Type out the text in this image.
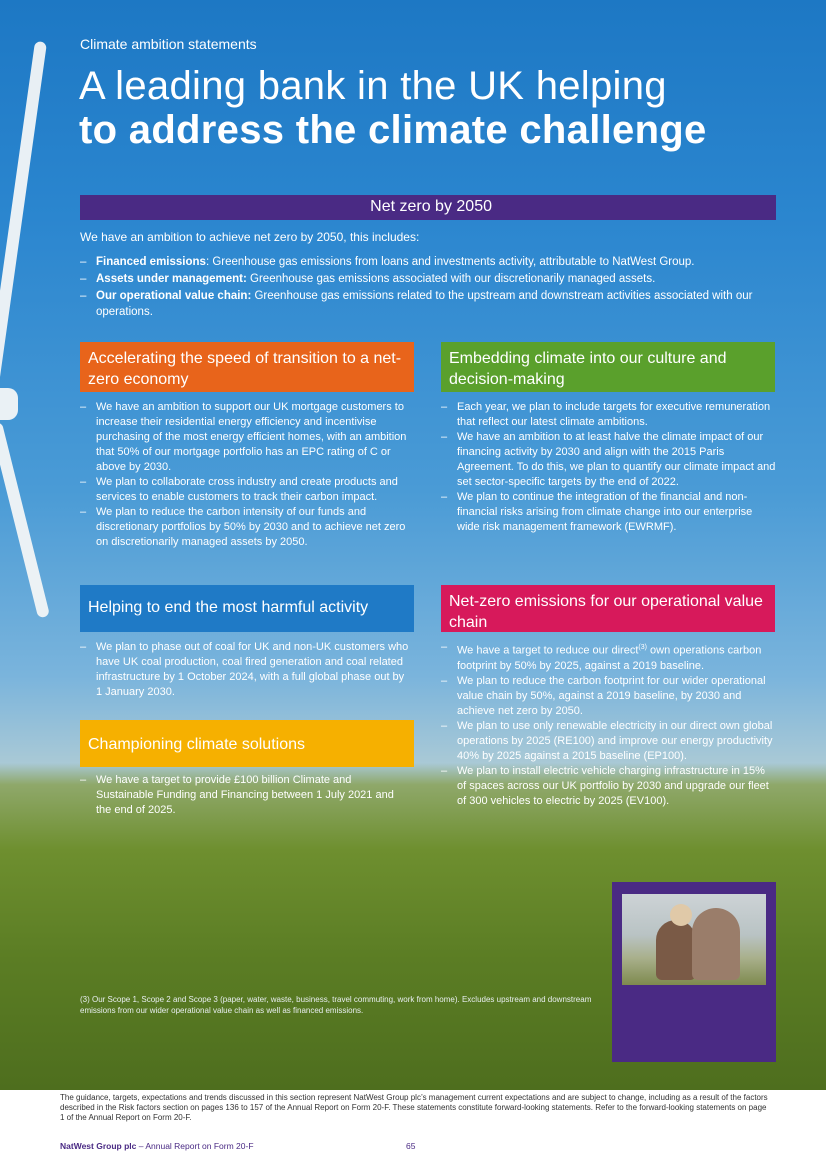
Climate ambition statements
A leading bank in the UK helping
to address the climate challenge
Net zero by 2050
We have an ambition to achieve net zero by 2050, this includes:
– Financed emissions: Greenhouse gas emissions from loans and investments activity, attributable to NatWest Group.
– Assets under management: Greenhouse gas emissions associated with our discretionarily managed assets.
– Our operational value chain: Greenhouse gas emissions related to the upstream and downstream activities associated with our operations.
Accelerating the speed of transition to a net-zero economy
– We have an ambition to support our UK mortgage customers to increase their residential energy efficiency and incentivise purchasing of the most energy efficient homes, with an ambition that 50% of our mortgage portfolio has an EPC rating of C or above by 2030.
– We plan to collaborate cross industry and create products and services to enable customers to track their carbon impact.
– We plan to reduce the carbon intensity of our funds and discretionary portfolios by 50% by 2030 and to achieve net zero on discretionarily managed assets by 2050.
Embedding climate into our culture and decision-making
– Each year, we plan to include targets for executive remuneration that reflect our latest climate ambitions.
– We have an ambition to at least halve the climate impact of our financing activity by 2030 and align with the 2015 Paris Agreement. To do this, we plan to quantify our climate impact and set sector-specific targets by the end of 2022.
– We plan to continue the integration of the financial and non-financial risks arising from climate change into our enterprise wide risk management framework (EWRMF).
Helping to end the most harmful activity
– We plan to phase out of coal for UK and non-UK customers who have UK coal production, coal fired generation and coal related infrastructure by 1 October 2024, with a full global phase out by 1 January 2030.
Net-zero emissions for our operational value chain
– We have a target to reduce our direct$^{(3)}$ own operations carbon footprint by 50% by 2025, against a 2019 baseline.
– We plan to reduce the carbon footprint for our wider operational value chain by 50%, against a 2019 baseline, by 2030 and achieve net zero by 2050.
– We plan to use only renewable electricity in our direct own global operations by 2025 (RE100) and improve our energy productivity 40% by 2025 against a 2015 baseline (EP100).
– We plan to install electric vehicle charging infrastructure in 15% of spaces across our UK portfolio by 2030 and upgrade our fleet of 300 vehicles to electric by 2025 (EV100).
Championing climate solutions
– We have a target to provide £100 billion Climate and Sustainable Funding and Financing between 1 July 2021 and the end of 2025.
(3) Our Scope 1, Scope 2 and Scope 3 (paper, water, waste, business, travel commuting, work from home). Excludes upstream and downstream emissions from our wider operational value chain as well as financed emissions.
The guidance, targets, expectations and trends discussed in this section represent NatWest Group plc’s management current expectations and are subject to change, including as a result of the factors described in the Risk factors section on pages 136 to 157 of the Annual Report on Form 20-F. These statements constitute forward-looking statements. Refer to the forward-looking statements on page 1 of the Annual Report on Form 20-F.
NatWest Group plc – Annual Report on Form 20-F	65
